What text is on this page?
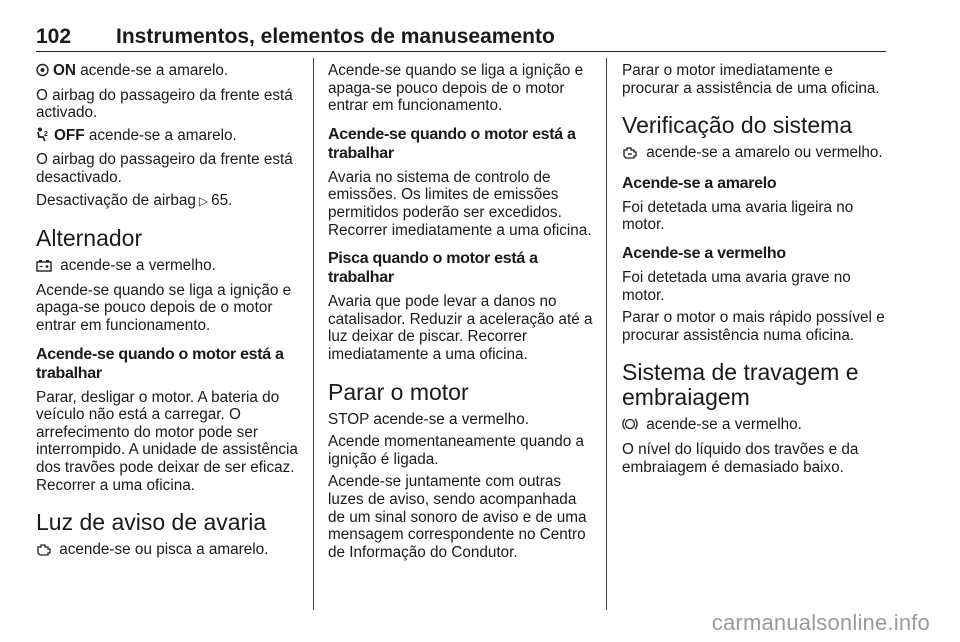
102 Instrumentos, elementos de manuseamento

ON acende-se a amarelo.

O airbag do passageiro da frente está activado.

2 OFF acende-se a amarelo.

O airbag do passageiro da frente está desactivado.

Desactivação de airbag ▷ 65.

Alternador

acende-se a vermelho.

Acende-se quando se liga a ignição e apaga-se pouco depois de o motor entrar em funcionamento.

Acende-se quando o motor está a trabalhar

Parar, desligar o motor. A bateria do veículo não está a carregar. O arrefecimento do motor pode ser interrompido. A unidade de assistência dos travões pode deixar de ser eficaz. Recorrer a uma oficina.

Luz de aviso de avaria

acende-se ou pisca a amarelo.

Acende-se quando se liga a ignição e apaga-se pouco depois de o motor entrar em funcionamento.

Acende-se quando o motor está a trabalhar

Avaria no sistema de controlo de emissões. Os limites de emissões permitidos poderão ser excedidos. Recorrer imediatamente a uma oficina.

Pisca quando o motor está a trabalhar

Avaria que pode levar a danos no catalisador. Reduzir a aceleração até a luz deixar de piscar. Recorrer imediatamente a uma oficina.

Parar o motor

STOP acende-se a vermelho.

Acende momentaneamente quando a ignição é ligada.

Acende-se juntamente com outras luzes de aviso, sendo acompanhada de um sinal sonoro de aviso e de uma mensagem correspondente no Centro de Informação do Condutor.

Parar o motor imediatamente e procurar a assistência de uma oficina.

Verificação do sistema

acende-se a amarelo ou vermelho.

Acende-se a amarelo

Foi detetada uma avaria ligeira no motor.

Acende-se a vermelho

Foi detetada uma avaria grave no motor.

Parar o motor o mais rápido possível e procurar assistência numa oficina.

Sistema de travagem e embraiagem

acende-se a vermelho.

O nível do líquido dos travões e da embraiagem é demasiado baixo.

carmanualsonline.info
